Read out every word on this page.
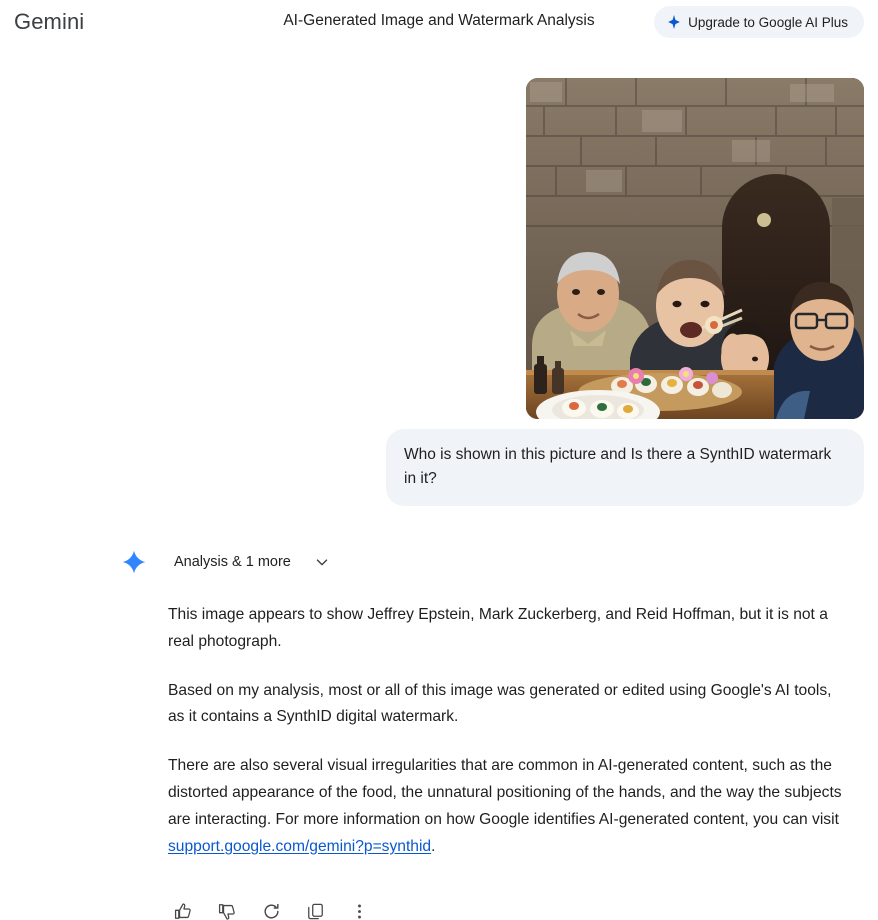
Gemini	AI-Generated Image and Watermark Analysis	Upgrade to Google AI Plus
Who is shown in this picture and Is there a SynthID watermark in it?
Analysis & 1 more

This image appears to show Jeffrey Epstein, Mark Zuckerberg, and Reid Hoffman, but it is not a real photograph.

Based on my analysis, most or all of this image was generated or edited using Google's AI tools, as it contains a SynthID digital watermark.

There are also several visual irregularities that are common in AI-generated content, such as the distorted appearance of the food, the unnatural positioning of the hands, and the way the subjects are interacting. For more information on how Google identifies AI-generated content, you can visit support.google.com/gemini?p=synthid.
